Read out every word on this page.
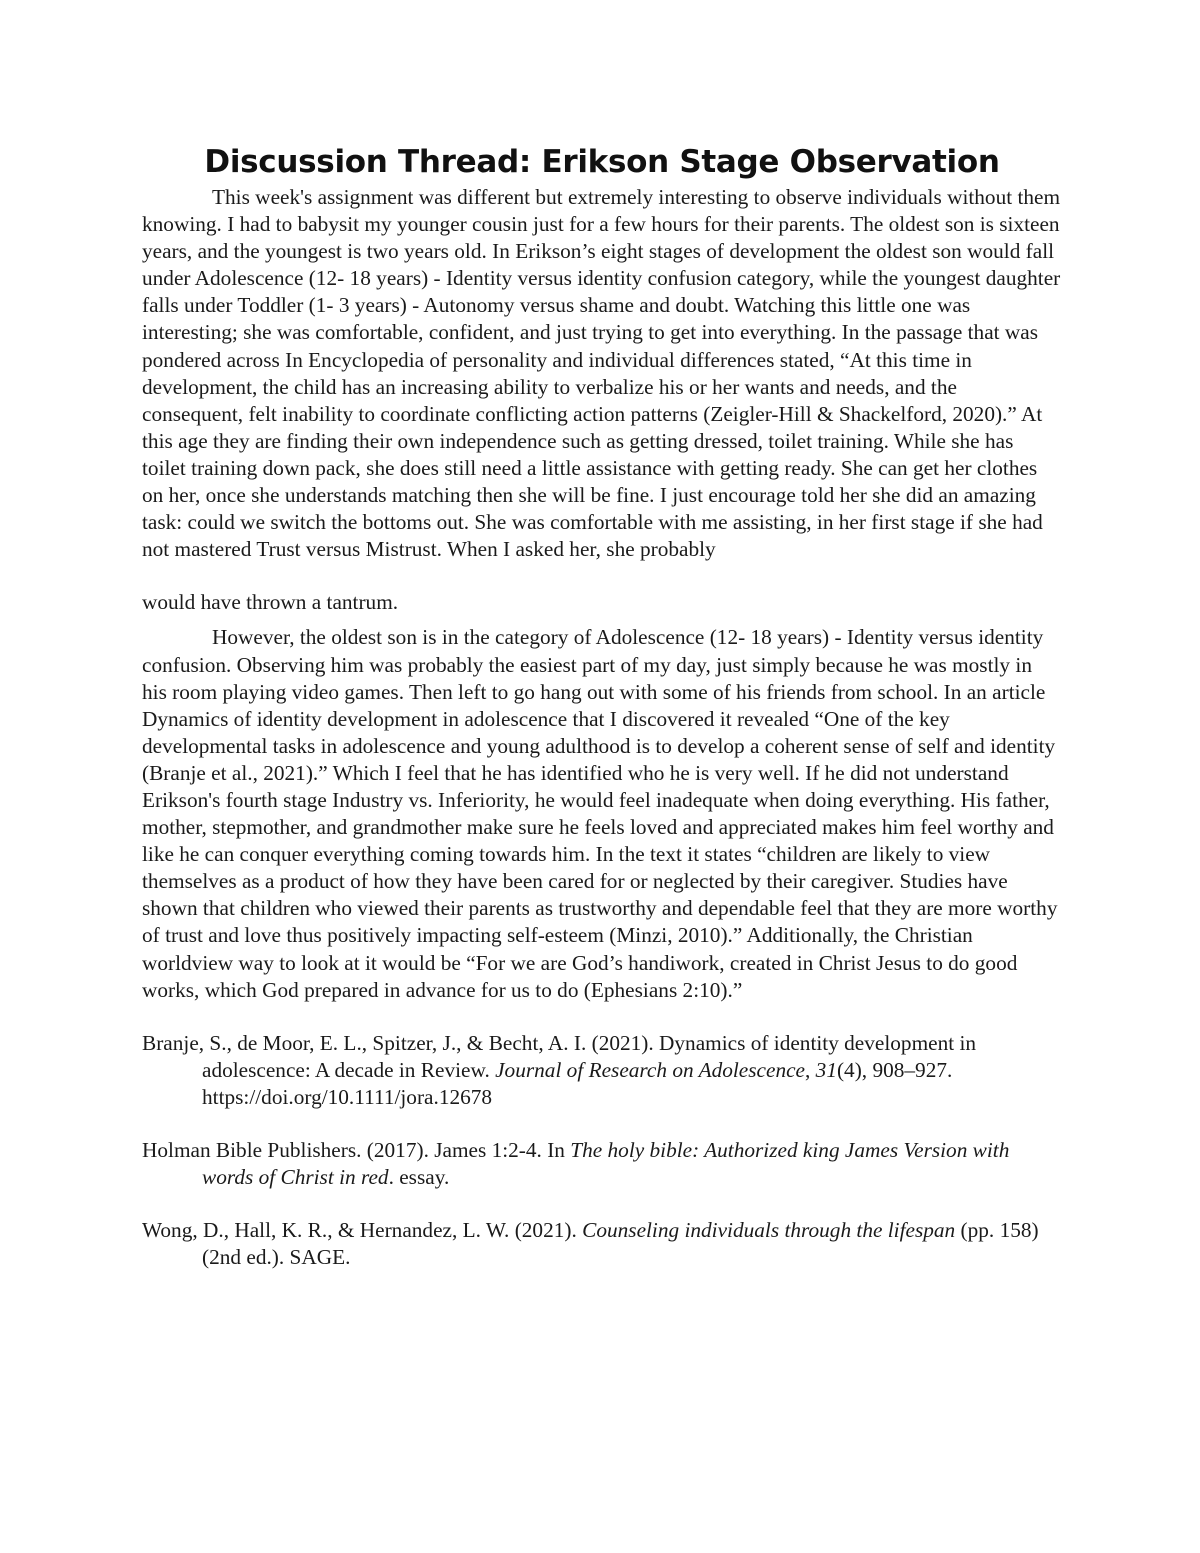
Discussion Thread: Erikson Stage Observation

This week's assignment was different but extremely interesting to observe individuals without them knowing. I had to babysit my younger cousin just for a few hours for their parents. The oldest son is sixteen years, and the youngest is two years old. In Erikson’s eight stages of development the oldest son would fall under Adolescence (12- 18 years) - Identity versus identity confusion category, while the youngest daughter falls under Toddler (1- 3 years) - Autonomy versus shame and doubt. Watching this little one was interesting; she was comfortable, confident, and just trying to get into everything. In the passage that was pondered across In Encyclopedia of personality and individual differences stated, “At this time in development, the child has an increasing ability to verbalize his or her wants and needs, and the consequent, felt inability to coordinate conflicting action patterns (Zeigler-Hill & Shackelford, 2020).” At this age they are finding their own independence such as getting dressed, toilet training. While she has toilet training down pack, she does still need a little assistance with getting ready. She can get her clothes on her, once she understands matching then she will be fine. I just encourage told her she did an amazing task: could we switch the bottoms out. She was comfortable with me assisting, in her first stage if she had not mastered Trust versus Mistrust. When I asked her, she probably

would have thrown a tantrum.

However, the oldest son is in the category of Adolescence (12- 18 years) - Identity versus identity confusion. Observing him was probably the easiest part of my day, just simply because he was mostly in his room playing video games. Then left to go hang out with some of his friends from school. In an article Dynamics of identity development in adolescence that I discovered it revealed “One of the key developmental tasks in adolescence and young adulthood is to develop a coherent sense of self and identity (Branje et al., 2021).” Which I feel that he has identified who he is very well. If he did not understand Erikson's fourth stage Industry vs. Inferiority, he would feel inadequate when doing everything. His father, mother, stepmother, and grandmother make sure he feels loved and appreciated makes him feel worthy and like he can conquer everything coming towards him. In the text it states “children are likely to view themselves as a product of how they have been cared for or neglected by their caregiver. Studies have shown that children who viewed their parents as trustworthy and dependable feel that they are more worthy of trust and love thus positively impacting self-esteem (Minzi, 2010).” Additionally, the Christian worldview way to look at it would be “For we are God’s handiwork, created in Christ Jesus to do good works, which God prepared in advance for us to do (Ephesians 2:10).”

Branje, S., de Moor, E. L., Spitzer, J., & Becht, A. I. (2021). Dynamics of identity development in adolescence: A decade in Review. Journal of Research on Adolescence, 31(4), 908–927. https://doi.org/10.1111/jora.12678

Holman Bible Publishers. (2017). James 1:2-4. In The holy bible: Authorized king James Version with words of Christ in red. essay.

Wong, D., Hall, K. R., & Hernandez, L. W. (2021). Counseling individuals through the lifespan (pp. 158) (2nd ed.). SAGE.
